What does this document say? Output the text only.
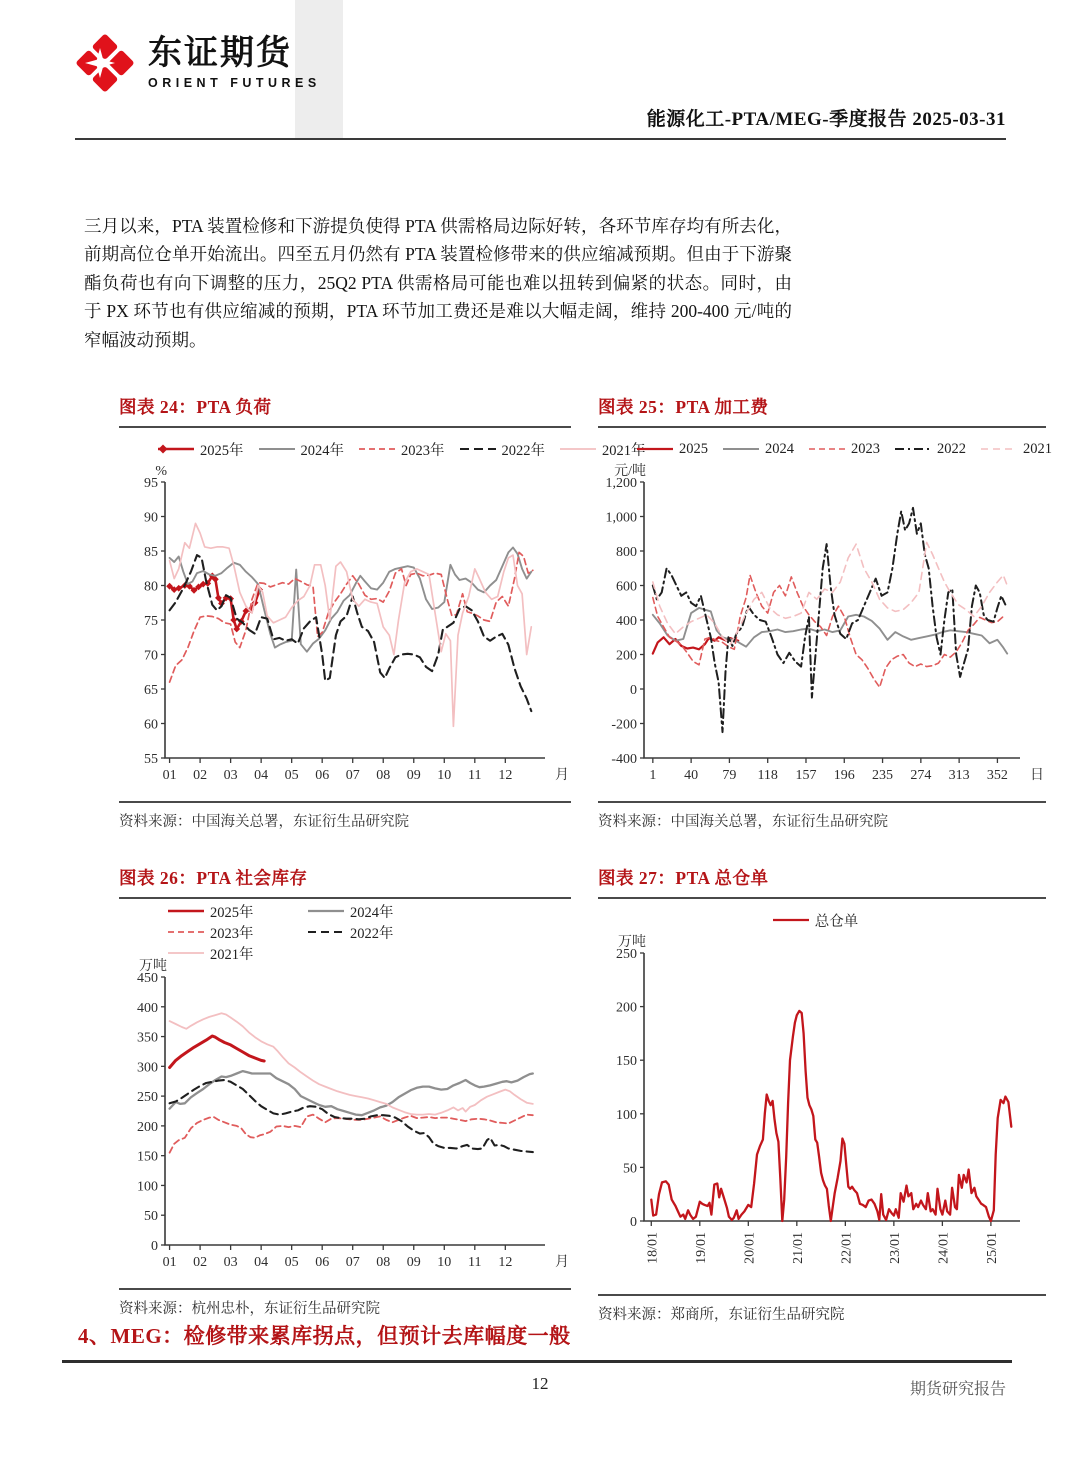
东证期货
ORIENT FUTURES
能源化工-PTA/MEG-季度报告 2025-03-31

三月以来，PTA 装置检修和下游提负使得 PTA 供需格局边际好转，各环节库存均有所去化，前期高位仓单开始流出。四至五月仍然有 PTA 装置检修带来的供应缩减预期。但由于下游聚酯负荷也有向下调整的压力，25Q2 PTA 供需格局可能也难以扭转到偏紧的状态。同时，由于 PX 环节也有供应缩减的预期，PTA 环节加工费还是难以大幅走阔，维持 200-400 元/吨的窄幅波动预期。

图表 24：PTA 负荷
2025年	2024年	2023年	2022年	2021年
55
60
65
70
75
80
85
90
95
01 02 03 04 05 06 07 08 09 10 11 12
%
月
资料来源：中国海关总署，东证衍生品研究院
图表 25：PTA 加工费
2025	2024	2023	2022	2021
-400
-200
0
200
400
600
800
1,000
1,200
1 40 79 118 157 196 235 274 313 352
元/吨
日
资料来源：中国海关总署，东证衍生品研究院
图表 26：PTA 社会库存
2025年	2024年
2023年	2022年
2021年
0
50
100
150
200
250
300
350
400
450
01 02 03 04 05 06 07 08 09 10 11 12
万吨
月
资料来源：杭州忠朴，东证衍生品研究院
图表 27：PTA 总仓单
总仓单
0
50
100
150
200
250
18/01 19/01 20/01 21/01 22/01 23/01 24/01 25/01
万吨
资料来源：郑商所，东证衍生品研究院
4、MEG：检修带来累库拐点，但预计去库幅度一般
12	期货研究报告
